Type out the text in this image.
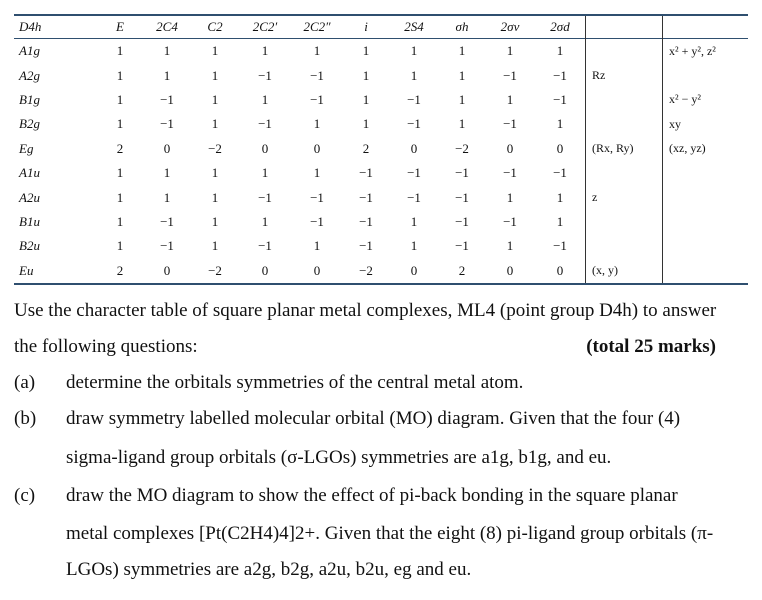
D4h	E	2C4	C2	2C2′	2C2″	i	2S4	σh	2σv	2σd		
A1g	1	1	1	1	1	1	1	1	1	1		x² + y², z²
A2g	1	1	1	−1	−1	1	1	1	−1	−1	Rz	
B1g	1	−1	1	1	−1	1	−1	1	1	−1		x² − y²
B2g	1	−1	1	−1	1	1	−1	1	−1	1		xy
Eg	2	0	−2	0	0	2	0	−2	0	0	(Rx, Ry)	(xz, yz)
A1u	1	1	1	1	1	−1	−1	−1	−1	−1		
A2u	1	1	1	−1	−1	−1	−1	−1	1	1	z	
B1u	1	−1	1	1	−1	−1	1	−1	−1	1		
B2u	1	−1	1	−1	1	−1	1	−1	1	−1		
Eu	2	0	−2	0	0	−2	0	2	0	0	(x, y)	
Use the character table of square planar metal complexes, ML4 (point group D4h) to answer
the following questions:	(total 25 marks)
(a) determine the orbitals symmetries of the central metal atom.
(b) draw symmetry labelled molecular orbital (MO) diagram. Given that the four (4)
sigma-ligand group orbitals (σ-LGOs) symmetries are a1g, b1g, and eu.
(c) draw the MO diagram to show the effect of pi-back bonding in the square planar
metal complexes [Pt(C2H4)4]2+. Given that the eight (8) pi-ligand group orbitals (π-
LGOs) symmetries are a2g, b2g, a2u, b2u, eg and eu.
